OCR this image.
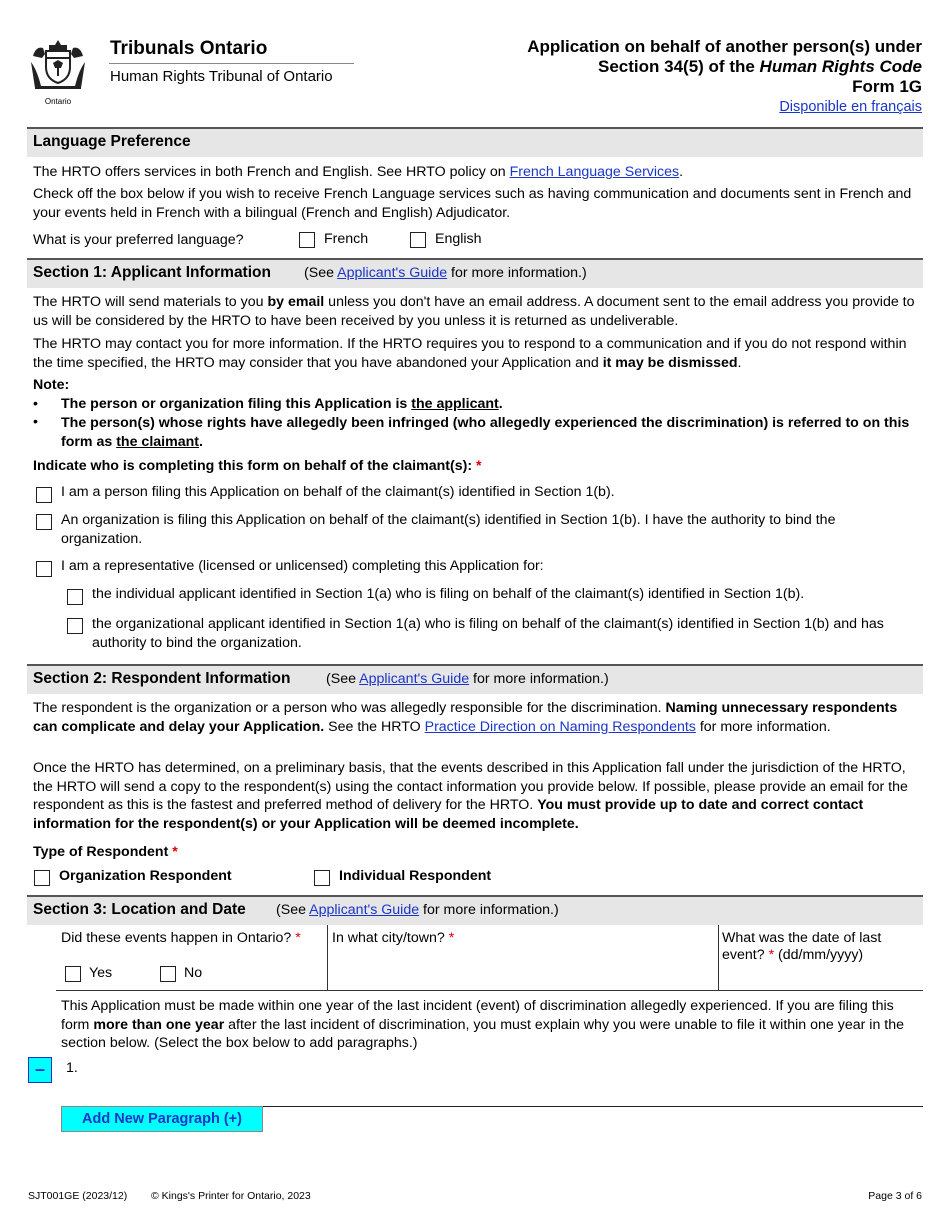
Ontario
Tribunals Ontario
Human Rights Tribunal of Ontario
Application on behalf of another person(s) under
Section 34(5) of the Human Rights Code
Form 1G
Disponible en français
Language Preference
The HRTO offers services in both French and English. See HRTO policy on French Language Services.
Check off the box below if you wish to receive French Language services such as having communication and documents sent in French and your events held in French with a bilingual (French and English) Adjudicator.
What is your preferred language?	French	English
Section 1: Applicant Information (See Applicant's Guide for more information.)
The HRTO will send materials to you by email unless you don't have an email address. A document sent to the email address you provide to us will be considered by the HRTO to have been received by you unless it is returned as undeliverable.
The HRTO may contact you for more information. If the HRTO requires you to respond to a communication and if you do not respond within the time specified, the HRTO may consider that you have abandoned your Application and it may be dismissed.
Note:
• The person or organization filing this Application is the applicant.
• The person(s) whose rights have allegedly been infringed (who allegedly experienced the discrimination) is referred to on this form as the claimant.
Indicate who is completing this form on behalf of the claimant(s): *
I am a person filing this Application on behalf of the claimant(s) identified in Section 1(b).
An organization is filing this Application on behalf of the claimant(s) identified in Section 1(b). I have the authority to bind the organization.
I am a representative (licensed or unlicensed) completing this Application for:
the individual applicant identified in Section 1(a) who is filing on behalf of the claimant(s) identified in Section 1(b).
the organizational applicant identified in Section 1(a) who is filing on behalf of the claimant(s) identified in Section 1(b) and has authority to bind the organization.
Section 2: Respondent Information	(See Applicant's Guide for more information.)
The respondent is the organization or a person who was allegedly responsible for the discrimination. Naming unnecessary respondents can complicate and delay your Application. See the HRTO Practice Direction on Naming Respondents for more information.
Once the HRTO has determined, on a preliminary basis, that the events described in this Application fall under the jurisdiction of the HRTO, the HRTO will send a copy to the respondent(s) using the contact information you provide below. If possible, please provide an email for the respondent as this is the fastest and preferred method of delivery for the HRTO. You must provide up to date and correct contact information for the respondent(s) or your Application will be deemed incomplete.
Type of Respondent *
Organization Respondent	Individual Respondent
Section 3: Location and Date (See Applicant's Guide for more information.)
Did these events happen in Ontario? *
Yes	No
In what city/town? *	What was the date of last event? * (dd/mm/yyyy)
This Application must be made within one year of the last incident (event) of discrimination allegedly experienced. If you are filing this form more than one year after the last incident of discrimination, you must explain why you were unable to file it within one year in the section below. (Select the box below to add paragraphs.)
–	1.
Add New Paragraph (+)
SJT001GE (2023/12) © Kings's Printer for Ontario, 2023	Page 3 of 6
